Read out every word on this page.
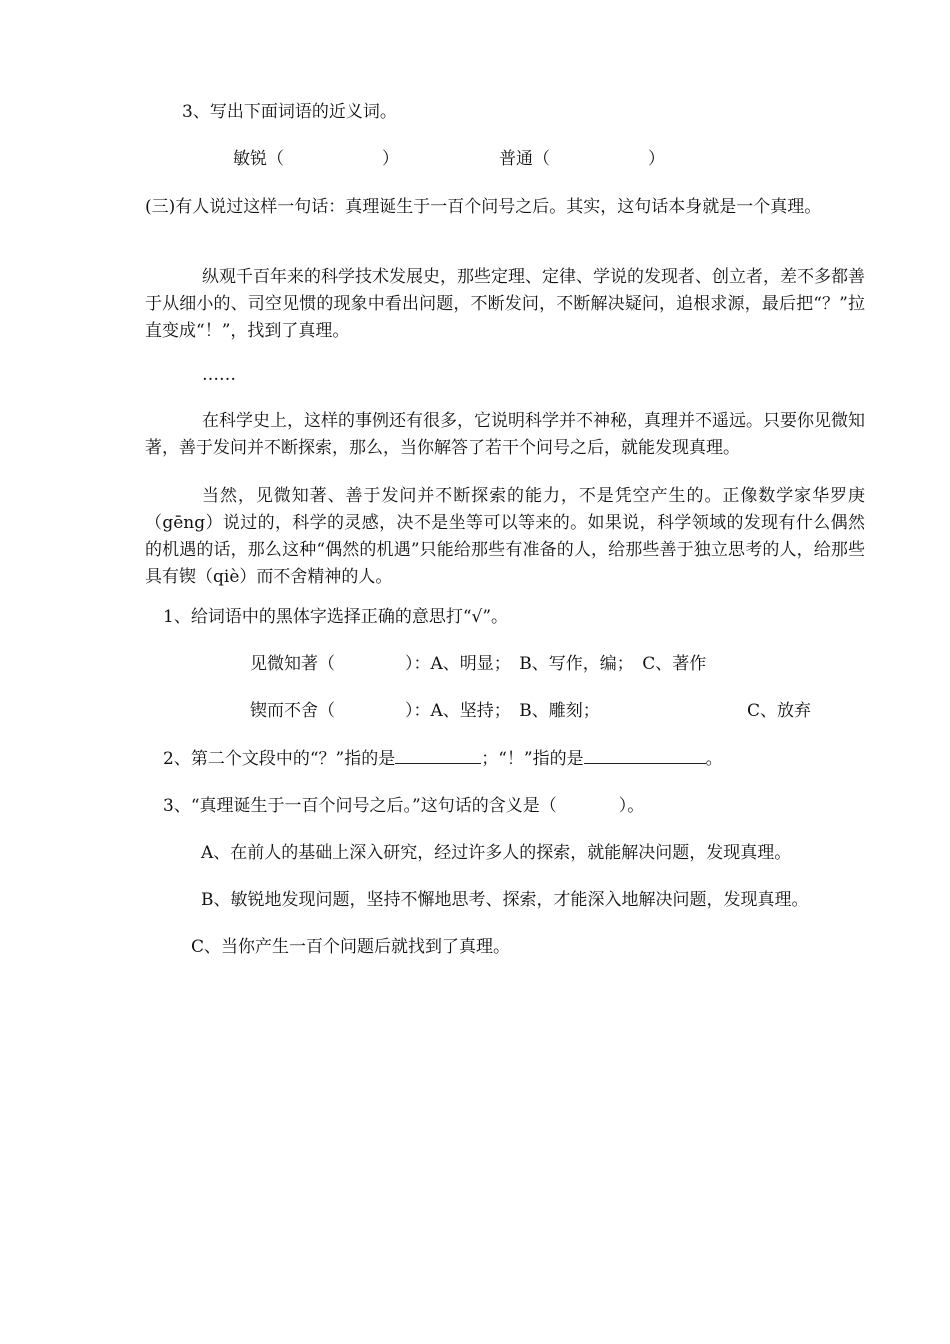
3、写出下面词语的近义词。
敏锐（	）	普通（	）
(三)有人说过这样一句话：真理诞生于一百个问号之后。其实，这句话本身就是一个真理。
纵观千百年来的科学技术发展史，那些定理、定律、学说的发现者、创立者，差不多都善于从细小的、司空见惯的现象中看出问题，不断发问，不断解决疑问，追根求源，最后把“？”拉直变成“！”，找到了真理。
……
在科学史上，这样的事例还有很多，它说明科学并不神秘，真理并不遥远。只要你见微知著，善于发问并不断探索，那么，当你解答了若干个问号之后，就能发现真理。
当然，见微知著、善于发问并不断探索的能力，不是凭空产生的。正像数学家华罗庚（gēng）说过的，科学的灵感，决不是坐等可以等来的。如果说，科学领域的发现有什么偶然的机遇的话，那么这种“偶然的机遇”只能给那些有准备的人，给那些善于独立思考的人，给那些具有锲（qiè）而不舍精神的人。
1、给词语中的黑体字选择正确的意思打“√”。
见微知著（	）：A、明显；　B、写作，编；　C、著作
锲而不舍（	）：A、坚持；　B、雕刻；	C、放弃
2、第二个文段中的“？”指的是	；“！”指的是	。
3、“真理诞生于一百个问号之后。”这句话的含义是（	）。
A、在前人的基础上深入研究，经过许多人的探索，就能解决问题，发现真理。
B、敏锐地发现问题，坚持不懈地思考、探索，才能深入地解决问题，发现真理。
C、当你产生一百个问题后就找到了真理。
